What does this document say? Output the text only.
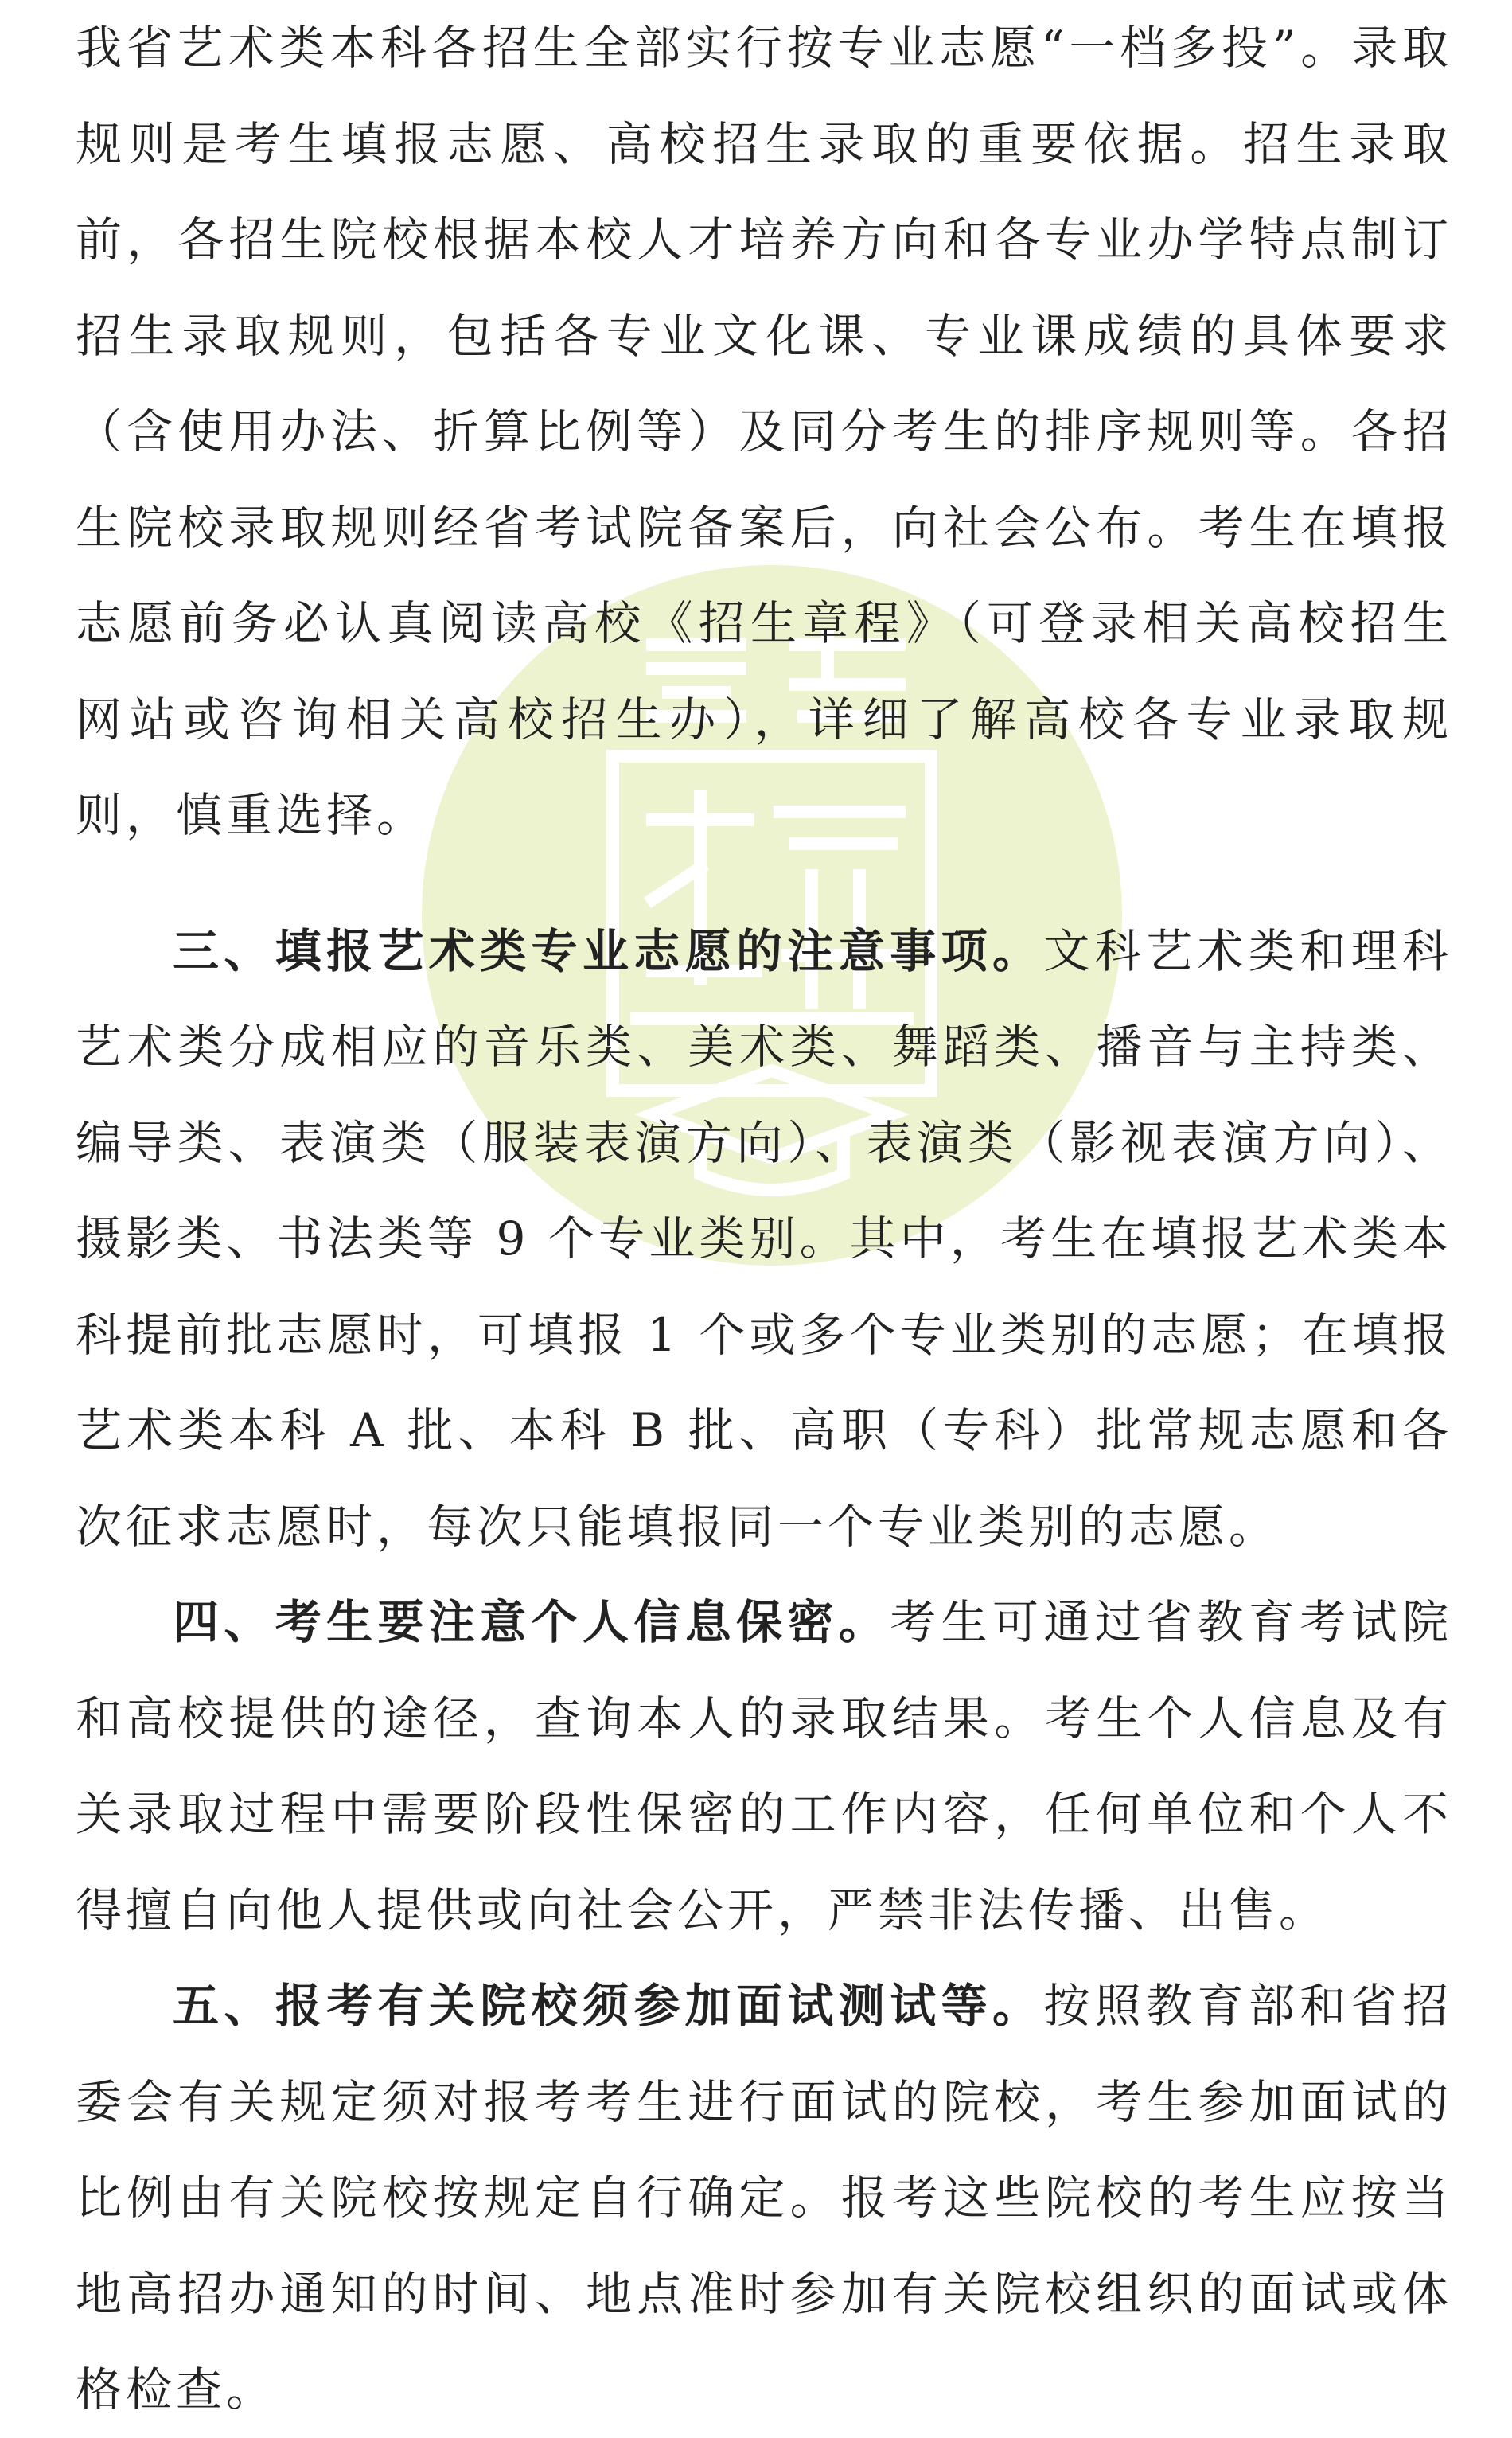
我省艺术类本科各招生全部实行按专业志愿“一档多投”。录取规则是考生填报志愿、高校招生录取的重要依据。招生录取前，各招生院校根据本校人才培养方向和各专业办学特点制订招生录取规则，包括各专业文化课、专业课成绩的具体要求（含使用办法、折算比例等）及同分考生的排序规则等。各招生院校录取规则经省考试院备案后，向社会公布。考生在填报志愿前务必认真阅读高校《招生章程》（可登录相关高校招生网站或咨询相关高校招生办），详细了解高校各专业录取规则，慎重选择。

三、填报艺术类专业志愿的注意事项。文科艺术类和理科艺术类分成相应的音乐类、美术类、舞蹈类、播音与主持类、编导类、表演类（服装表演方向）、表演类（影视表演方向）、摄影类、书法类等 9 个专业类别。其中，考生在填报艺术类本科提前批志愿时，可填报 1 个或多个专业类别的志愿；在填报艺术类本科 A 批、本科 B 批、高职（专科）批常规志愿和各次征求志愿时，每次只能填报同一个专业类别的志愿。

四、考生要注意个人信息保密。考生可通过省教育考试院和高校提供的途径，查询本人的录取结果。考生个人信息及有关录取过程中需要阶段性保密的工作内容，任何单位和个人不得擅自向他人提供或向社会公开，严禁非法传播、出售。

五、报考有关院校须参加面试测试等。按照教育部和省招委会有关规定须对报考考生进行面试的院校，考生参加面试的比例由有关院校按规定自行确定。报考这些院校的考生应按当地高招办通知的时间、地点准时参加有关院校组织的面试或体格检查。
